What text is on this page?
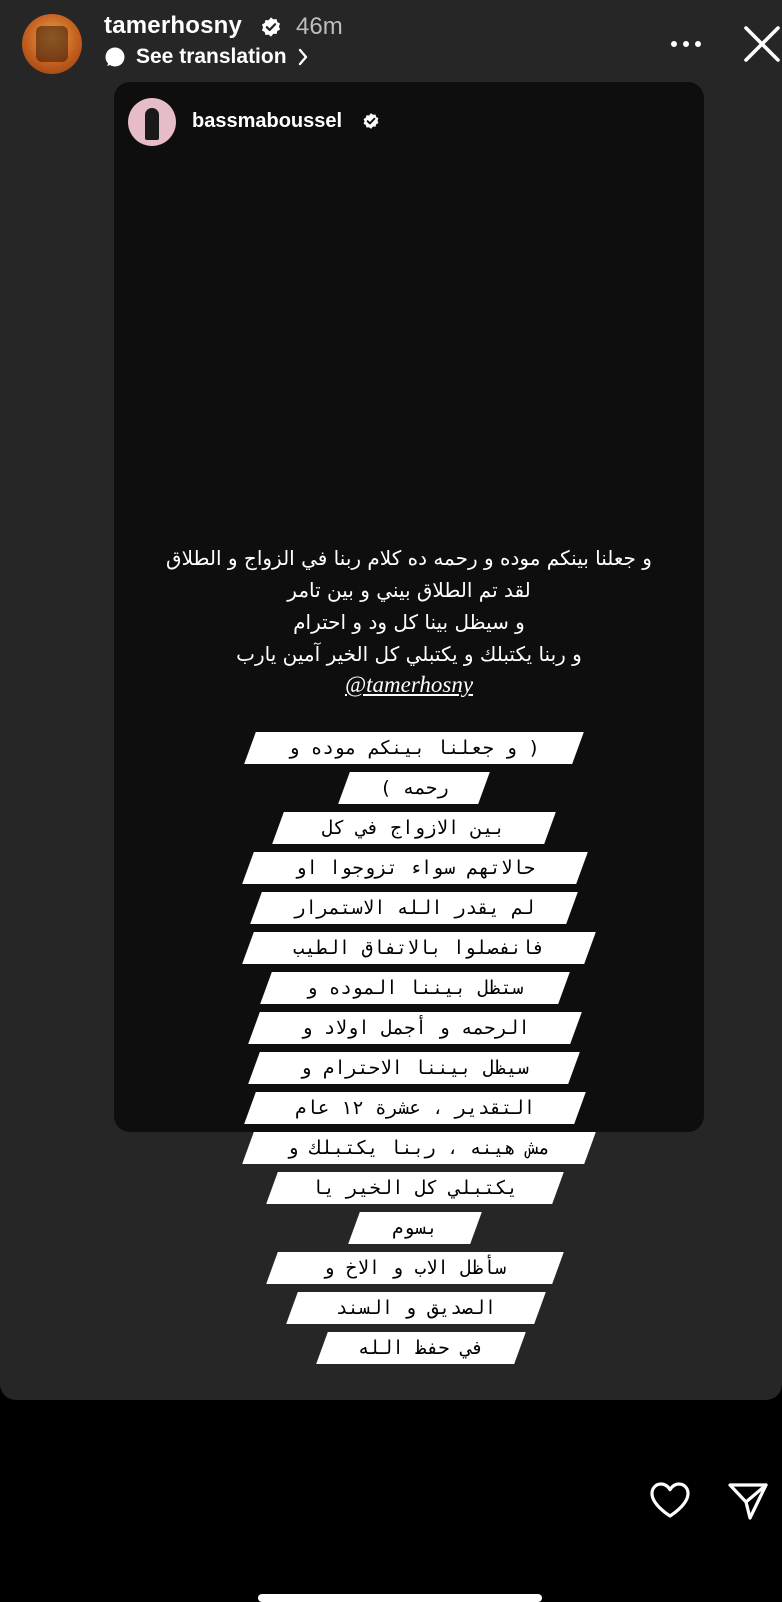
tamerhosny 46m
See translation
bassmaboussel
و جعلنا بينكم موده و رحمه ده كلام ربنا في الزواج و الطلاق
لقد تم الطلاق بيني و بين تامر
و سيظل بينا كل ود و احترام
و ربنا يكتبلك و يكتبلي كل الخير آمين يارب
@tamerhosny
( و جعلنا بينكم موده و
رحمه )
بين الازواج في كل
حالاتهم سواء تزوجوا او
لم يقدر الله الاستمرار
فانفصلوا بالاتفاق الطيب
ستظل بيننا الموده و
الرحمه و أجمل اولاد و
سيظل بيننا الاحترام و
التقدير ، عشرة ١٢ عام
مش هينه ، ربنا يكتبلك و
يكتبلي كل الخير يا
بسوم
سأظل الاب و الاخ و
الصديق و السند
في حفظ الله
